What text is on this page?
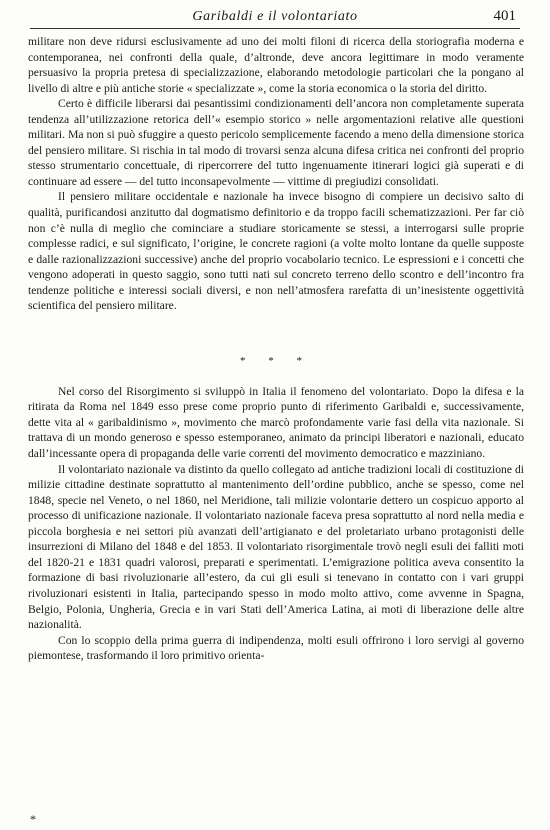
Garibaldi e il volontariato	401

militare non deve ridursi esclusivamente ad uno dei molti filoni di ricerca della storiografia moderna e contemporanea, nei confronti della quale, d’altronde, deve ancora legittimare in modo veramente persuasivo la propria pretesa di specializzazione, elaborando metodologie particolari che la pongano al livello di altre e più antiche storie « specializzate », come la storia economica o la storia del diritto.

Certo è difficile liberarsi dai pesantissimi condizionamenti dell’ancora non completamente superata tendenza all’utilizzazione retorica dell’« esempio storico » nelle argomentazioni relative alle questioni militari. Ma non si può sfuggire a questo pericolo semplicemente facendo a meno della dimensione storica del pensiero militare. Si rischia in tal modo di trovarsi senza alcuna difesa critica nei confronti del proprio stesso strumentario concettuale, di ripercorrere del tutto ingenuamente itinerari logici già superati e di continuare ad essere — del tutto inconsapevolmente — vittime di pregiudizi consolidati.

Il pensiero militare occidentale e nazionale ha invece bisogno di compiere un decisivo salto di qualità, purificandosi anzitutto dal dogmatismo definitorio e da troppo facili schematizzazioni. Per far ciò non c’è nulla di meglio che cominciare a studiare storicamente se stessi, a interrogarsi sulle proprie complesse radici, e sul significato, l’origine, le concrete ragioni (a volte molto lontane da quelle supposte e dalle razionalizzazioni successive) anche del proprio vocabolario tecnico. Le espressioni e i concetti che vengono adoperati in questo saggio, sono tutti nati sul concreto terreno dello scontro e dell’incontro fra tendenze politiche e interessi sociali diversi, e non nell’atmosfera rarefatta di un’inesistente oggettività scientifica del pensiero militare.

* * *

Nel corso del Risorgimento si sviluppò in Italia il fenomeno del volontariato. Dopo la difesa e la ritirata da Roma nel 1849 esso prese come proprio punto di riferimento Garibaldi e, successivamente, dette vita al « garibaldinismo », movimento che marcò profondamente varie fasi della vita nazionale. Si trattava di un mondo generoso e spesso estemporaneo, animato da principi liberatori e nazionali, educato dall’incessante opera di propaganda delle varie correnti del movimento democratico e mazziniano.

Il volontariato nazionale va distinto da quello collegato ad antiche tradizioni locali di costituzione di milizie cittadine destinate soprattutto al mantenimento dell’ordine pubblico, anche se spesso, come nel 1848, specie nel Veneto, o nel 1860, nel Meridione, tali milizie volontarie dettero un cospicuo apporto al processo di unificazione nazionale. Il volontariato nazionale faceva presa soprattutto al nord nella media e piccola borghesia e nei settori più avanzati dell’artigianato e del proletariato urbano protagonisti delle insurrezioni di Milano del 1848 e del 1853. Il volontariato risorgimentale trovò negli esuli dei falliti moti del 1820-21 e 1831 quadri valorosi, preparati e sperimentati. L’emigrazione politica aveva consentito la formazione di basi rivoluzionarie all’estero, da cui gli esuli si tenevano in contatto con i vari gruppi rivoluzionari esistenti in Italia, partecipando spesso in modo molto attivo, come avvenne in Spagna, Belgio, Polonia, Ungheria, Grecia e in vari Stati dell’America Latina, ai moti di liberazione delle altre nazionalità.

Con lo scoppio della prima guerra di indipendenza, molti esuli offrirono i loro servigi al governo piemontese, trasformando il loro primitivo orienta-

*
